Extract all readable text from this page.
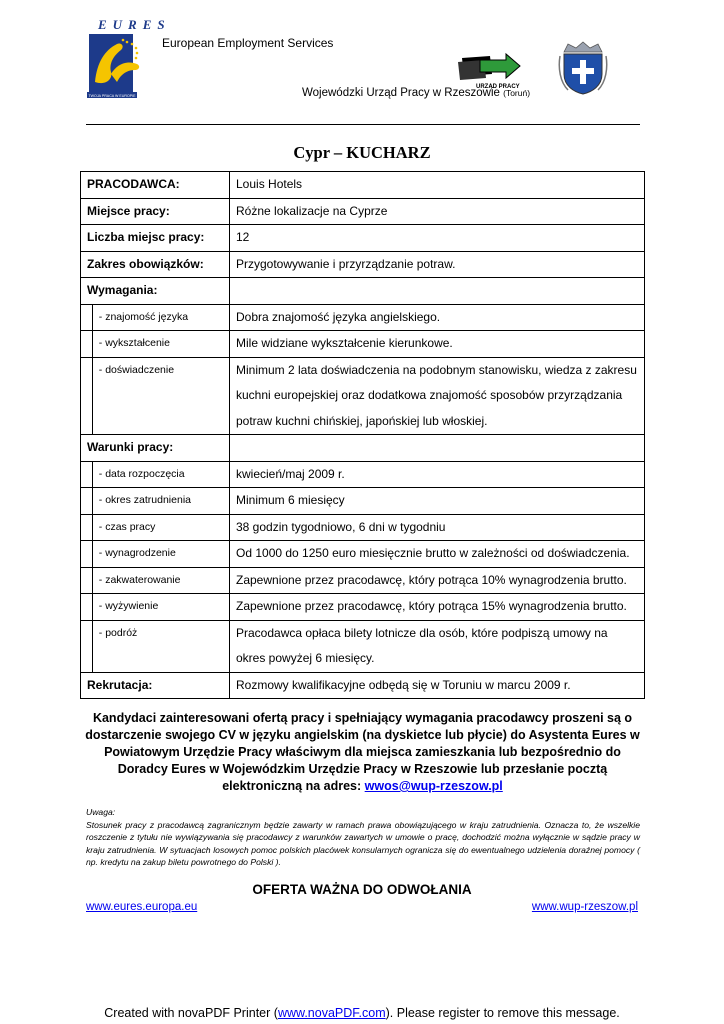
EURES
TWOJA PRACA W EUROPIE
European Employment Services
URZĄD PRACY
Wojewódzki Urząd Pracy w Rzeszowie (Toruń)
Cypr – KUCHARZ
PRACODAWCA:		Louis Hotels
Miejsce pracy:		Różne lokalizacje na Cyprze
Liczba miejsc pracy:		12
Zakres obowiązków:		Przygotowywanie i przyrządzanie potraw.
Wymagania:		
	- znajomość języka	Dobra znajomość języka angielskiego.
	- wykształcenie	Mile widziane wykształcenie kierunkowe.
	- doświadczenie	Minimum 2 lata doświadczenia na podobnym stanowisku, wiedza z zakresu kuchni europejskiej oraz dodatkowa znajomość sposobów przyrządzania potraw kuchni chińskiej, japońskiej lub włoskiej.
Warunki pracy:		
	- data rozpoczęcia	kwiecień/maj 2009 r.
	- okres zatrudnienia	Minimum 6 miesięcy
	- czas pracy	38 godzin tygodniowo, 6 dni w tygodniu
	- wynagrodzenie	Od 1000 do 1250 euro miesięcznie brutto w zależności od doświadczenia.
	- zakwaterowanie	Zapewnione przez pracodawcę, który potrąca 10% wynagrodzenia brutto.
	- wyżywienie	Zapewnione przez pracodawcę, który potrąca 15% wynagrodzenia brutto.
	- podróż	Pracodawca opłaca bilety lotnicze dla osób, które podpiszą umowy na okres powyżej 6 miesięcy.
Rekrutacja:		Rozmowy kwalifikacyjne odbędą się w Toruniu w marcu 2009 r.
Kandydaci zainteresowani ofertą pracy i spełniający wymagania pracodawcy proszeni są o dostarczenie swojego CV w języku angielskim (na dyskietce lub płycie) do Asystenta Eures w Powiatowym Urzędzie Pracy właściwym dla miejsca zamieszkania lub bezpośrednio do Doradcy Eures w Wojewódzkim Urzędzie Pracy w Rzeszowie lub przesłanie pocztą elektroniczną na adres: wwos@wup-rzeszow.pl
Uwaga:
Stosunek pracy z pracodawcą zagranicznym będzie zawarty w ramach prawa obowiązującego w kraju zatrudnienia. Oznacza to, że wszelkie roszczenie z tytułu nie wywiązywania się pracodawcy z warunków zawartych w umowie o pracę, dochodzić można wyłącznie w sądzie pracy w kraju zatrudnienia. W sytuacjach losowych pomoc polskich placówek konsularnych ogranicza się do ewentualnego udzielenia doraźnej pomocy ( np. kredytu na zakup biletu powrotnego do Polski ).
OFERTA WAŻNA DO ODWOŁANIA
www.eures.europa.eu	www.wup-rzeszow.pl
Created with novaPDF Printer (www.novaPDF.com). Please register to remove this message.
